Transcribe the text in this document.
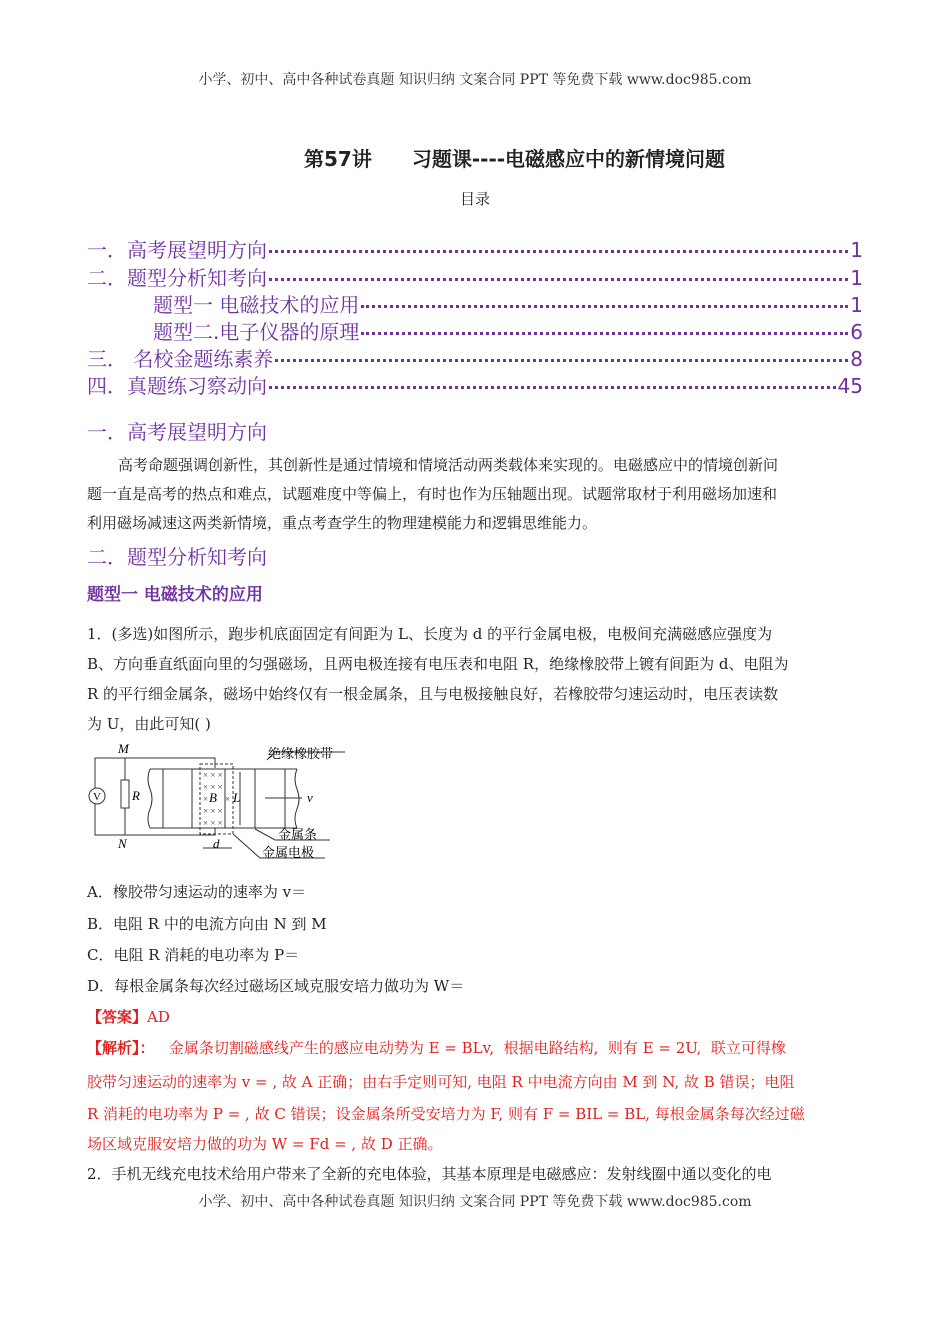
小学、初中、高中各种试卷真题 知识归纳 文案合同 PPT 等免费下载 www.doc985.com
第57讲 习题课----电磁感应中的新情境问题
目录
一．高考展望明方向	1
二．题型分析知考向	1
题型一 电磁技术的应用	1
题型二.电子仪器的原理	6
三． 名校金题练素养	8
四．真题练习察动向	45
一．高考展望明方向
高考命题强调创新性，其创新性是通过情境和情境活动两类载体来实现的。电磁感应中的情境创新问
题一直是高考的热点和难点，试题难度中等偏上，有时也作为压轴题出现。试题常取材于利用磁场加速和
利用磁场减速这两类新情境，重点考查学生的物理建模能力和逻辑思维能力。
二．题型分析知考向
题型一 电磁技术的应用
1．(多选)如图所示，跑步机底面固定有间距为 L、长度为 d 的平行金属电极，电极间充满磁感应强度为
B、方向垂直纸面向里的匀强磁场，且两电极连接有电压表和电阻 R，绝缘橡胶带上镀有间距为 d、电阻为
R 的平行细金属条，磁场中始终仅有一根金属条，且与电极接触良好，若橡胶带匀速运动时，电压表读数
为 U，由此可知( )
× × ×
× × ×
× × ×
× × ×
× ×
M
N
R
V	B L
d
v
绝缘橡胶带
金属条
金属电极
A．橡胶带匀速运动的速率为 v＝
B．电阻 R 中的电流方向由 N 到 M
C．电阻 R 消耗的电功率为 P＝
D．每根金属条每次经过磁场区域克服安培力做功为 W＝
【答案】AD
【解析】：   金属条切割磁感线产生的感应电动势为 E = BLv,  根据电路结构,  则有 E = 2U,  联立可得橡
胶带匀速运动的速率为 v = , 故 A 正确；由右手定则可知, 电阻 R 中电流方向由 M 到 N, 故 B 错误；电阻
R 消耗的电功率为 P = , 故 C 错误；设金属条所受安培力为 F, 则有 F = BIL = BL, 每根金属条每次经过磁
场区域克服安培力做的功为 W = Fd = , 故 D 正确。
2．手机无线充电技术给用户带来了全新的充电体验，其基本原理是电磁感应：发射线圈中通以变化的电
小学、初中、高中各种试卷真题 知识归纳 文案合同 PPT 等免费下载 www.doc985.com
